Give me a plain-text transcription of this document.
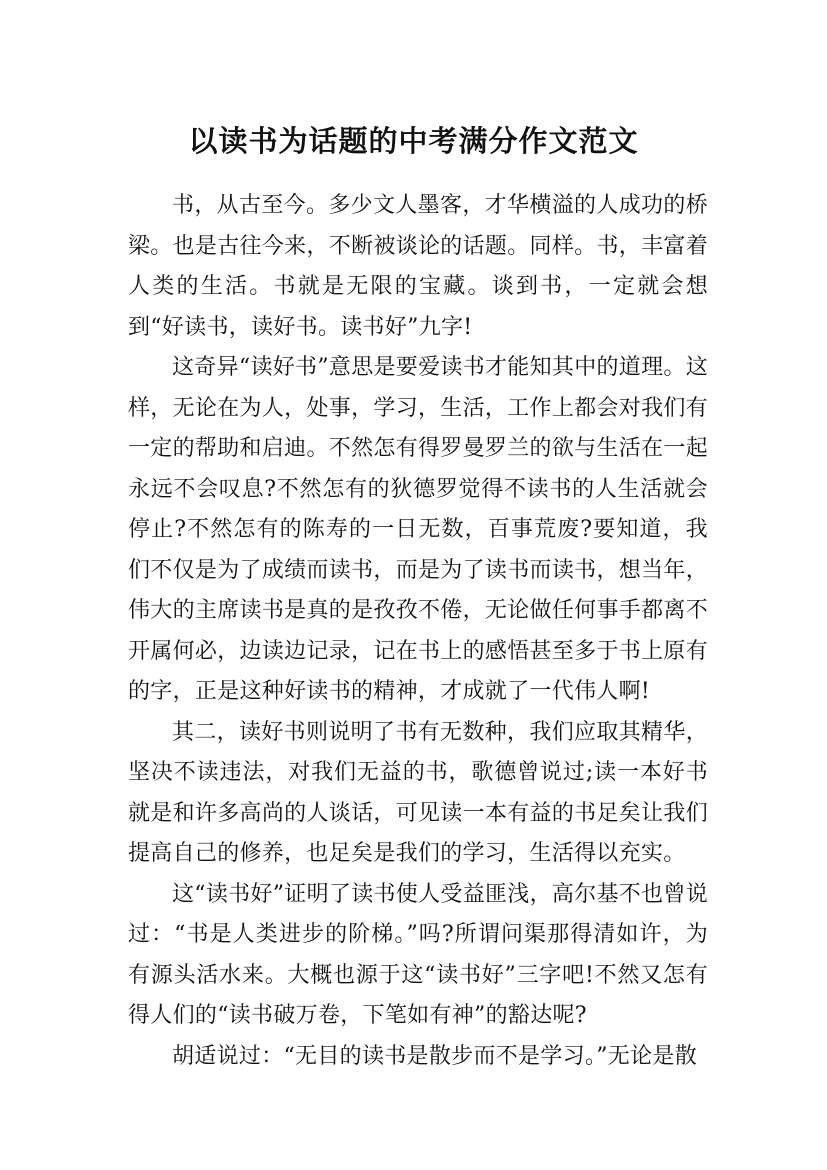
以读书为话题的中考满分作文范文

书，从古至今。多少文人墨客，才华横溢的人成功的桥梁。也是古往今来，不断被谈论的话题。同样。书，丰富着人类的生活。书就是无限的宝藏。谈到书，一定就会想到“好读书，读好书。读书好”九字!

这奇异“读好书”意思是要爱读书才能知其中的道理。这样，无论在为人，处事，学习，生活，工作上都会对我们有一定的帮助和启迪。不然怎有得罗曼罗兰的欲与生活在一起永远不会叹息?不然怎有的狄德罗觉得不读书的人生活就会停止?不然怎有的陈寿的一日无数，百事荒废?要知道，我们不仅是为了成绩而读书，而是为了读书而读书，想当年，伟大的主席读书是真的是孜孜不倦，无论做任何事手都离不开属何必，边读边记录，记在书上的感悟甚至多于书上原有的字，正是这种好读书的精神，才成就了一代伟人啊!

其二，读好书则说明了书有无数种，我们应取其精华，坚决不读违法，对我们无益的书，歌德曾说过;读一本好书就是和许多高尚的人谈话，可见读一本有益的书足矣让我们提高自己的修养，也足矣是我们的学习，生活得以充实。

这“读书好”证明了读书使人受益匪浅，高尔基不也曾说过：“书是人类进步的阶梯。”吗?所谓问渠那得清如许，为有源头活水来。大概也源于这“读书好”三字吧!不然又怎有得人们的“读书破万卷，下笔如有神”的豁达呢?

胡适说过：“无目的读书是散步而不是学习。”无论是散
